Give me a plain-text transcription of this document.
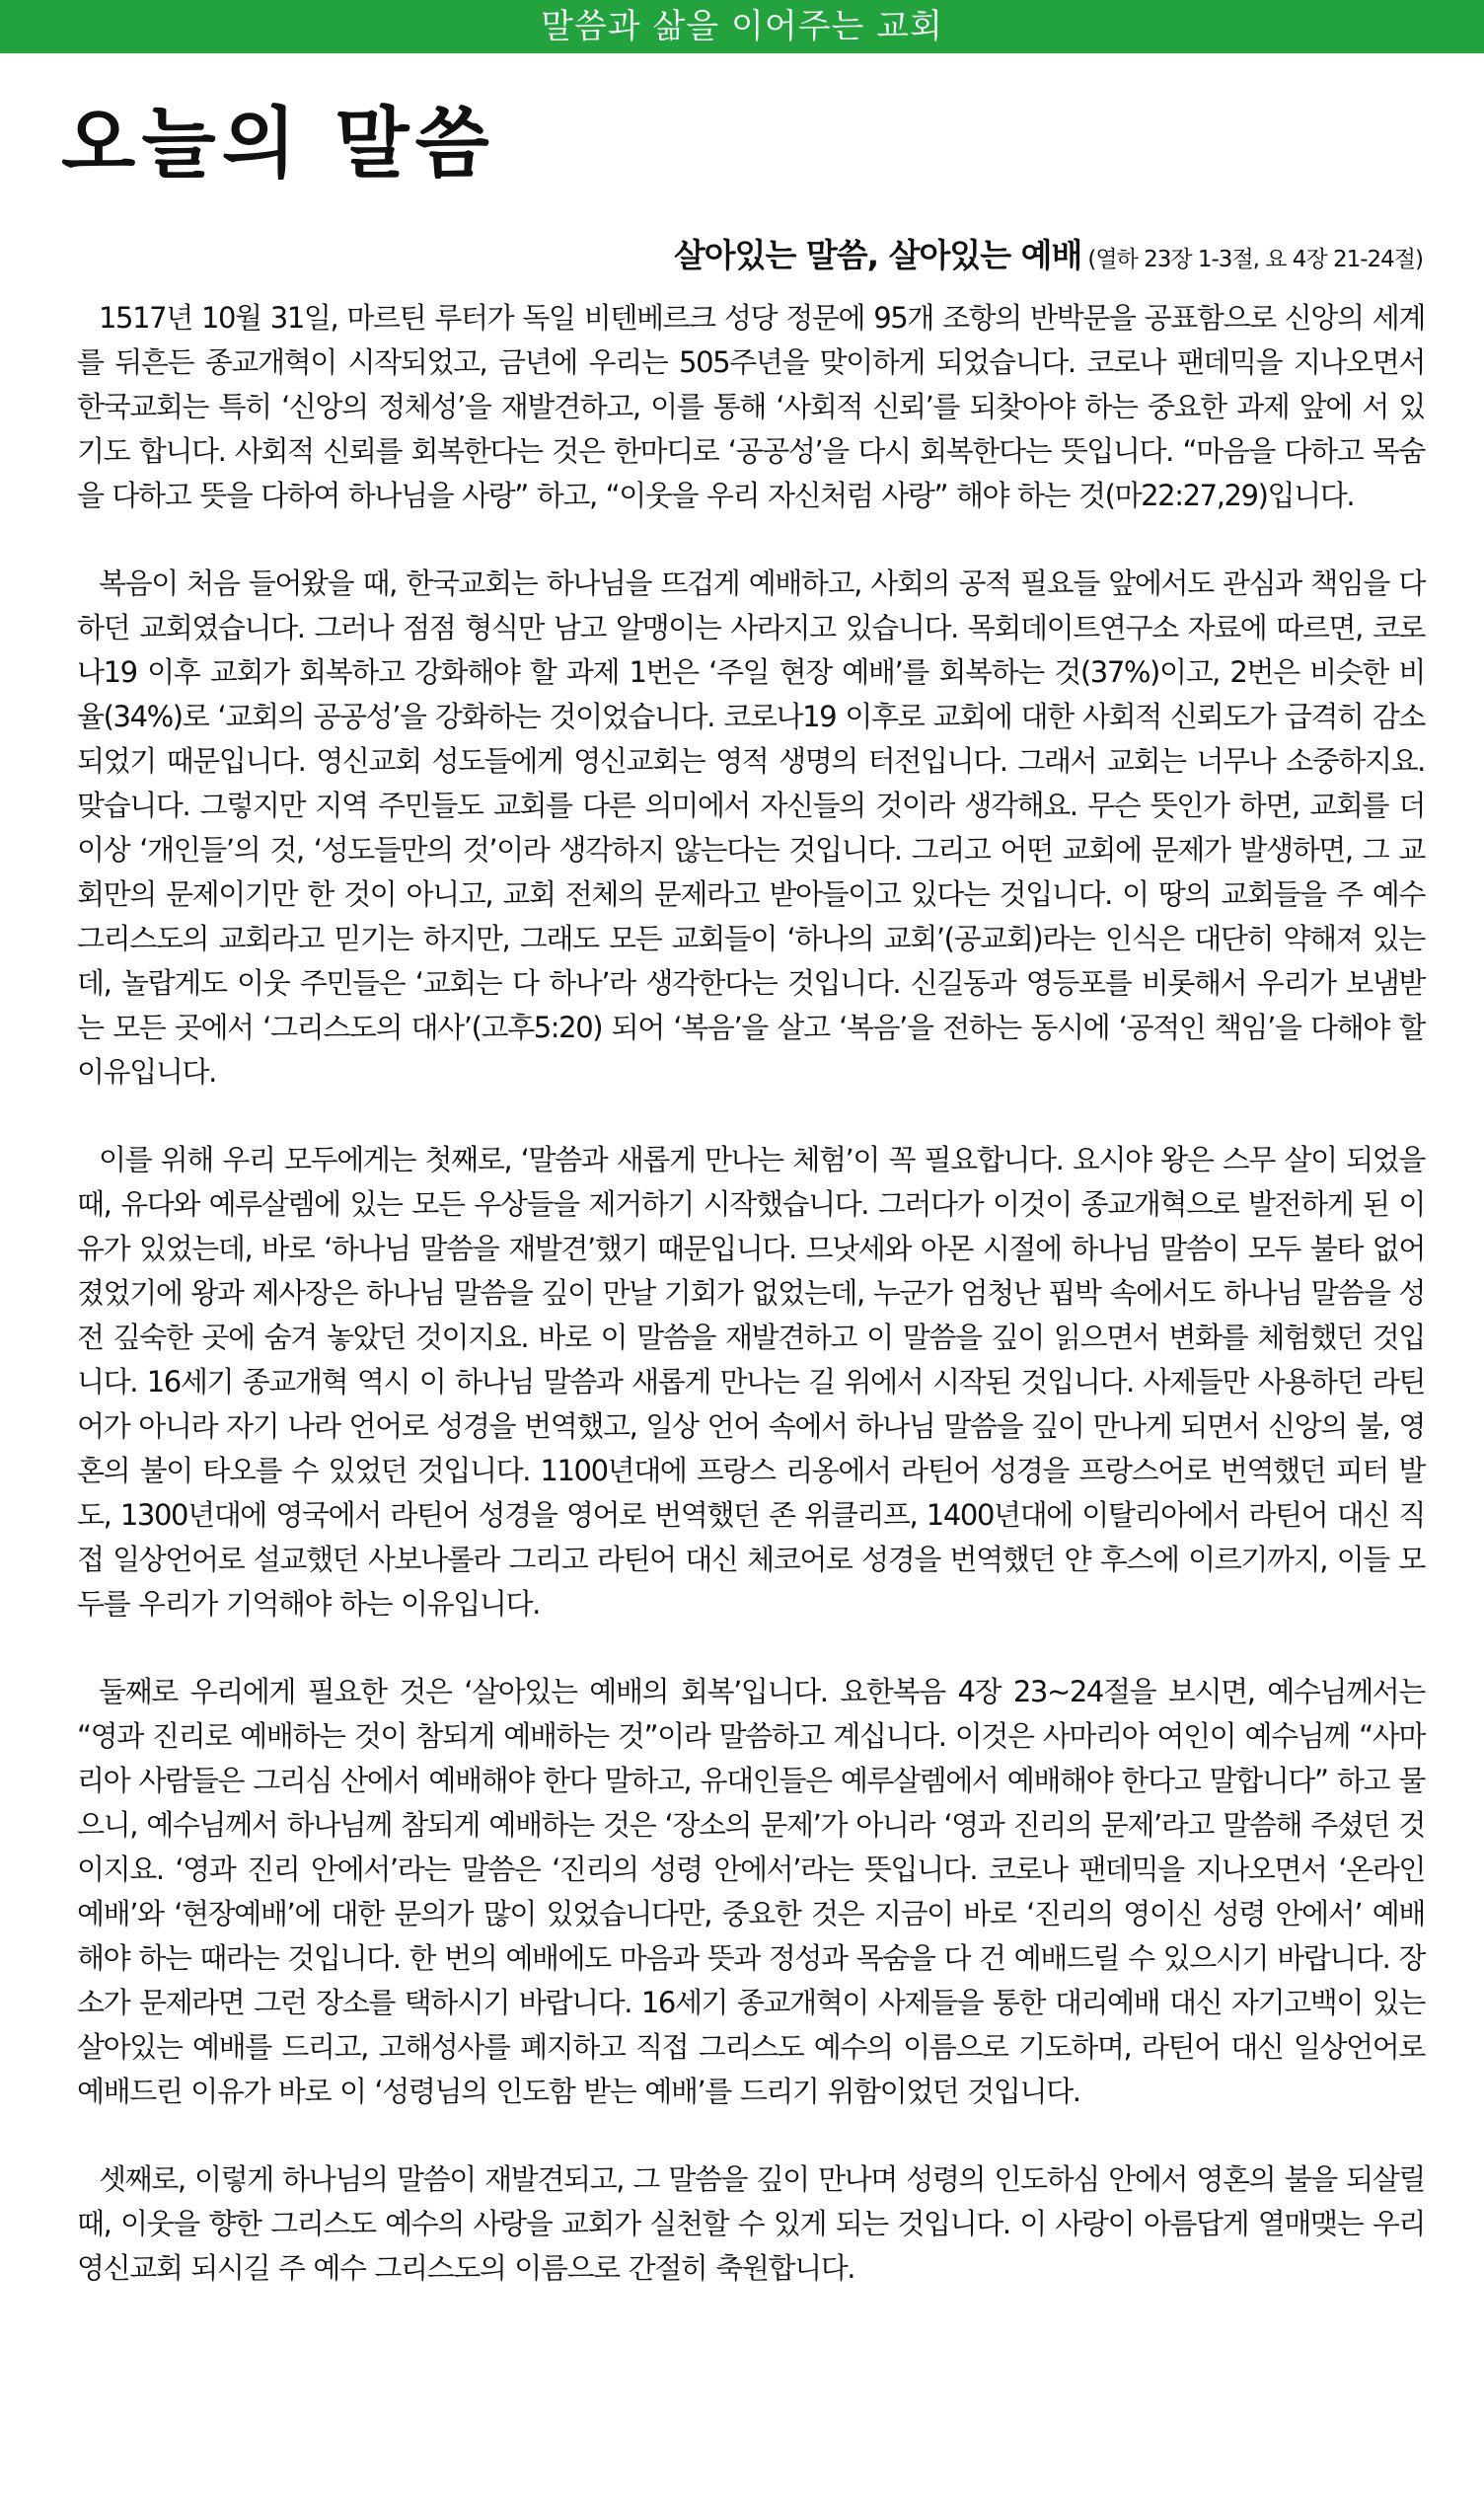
말씀과 삶을 이어주는 교회
오늘의 말씀
살아있는 말씀, 살아있는 예배 (열하 23장 1-3절, 요 4장 21-24절)

1517년 10월 31일, 마르틴 루터가 독일 비텐베르크 성당 정문에 95개 조항의 반박문을 공표함으로 신앙의 세계를 뒤흔든 종교개혁이 시작되었고, 금년에 우리는 505주년을 맞이하게 되었습니다. 코로나 팬데믹을 지나오면서 한국교회는 특히 ‘신앙의 정체성’을 재발견하고, 이를 통해 ‘사회적 신뢰’를 되찾아야 하는 중요한 과제 앞에 서 있기도 합니다. 사회적 신뢰를 회복한다는 것은 한마디로 ‘공공성’을 다시 회복한다는 뜻입니다. “마음을 다하고 목숨을 다하고 뜻을 다하여 하나님을 사랑” 하고, “이웃을 우리 자신처럼 사랑” 해야 하는 것(마22:27,29)입니다.

복음이 처음 들어왔을 때, 한국교회는 하나님을 뜨겁게 예배하고, 사회의 공적 필요들 앞에서도 관심과 책임을 다하던 교회였습니다. 그러나 점점 형식만 남고 알맹이는 사라지고 있습니다. 목회데이트연구소 자료에 따르면, 코로나19 이후 교회가 회복하고 강화해야 할 과제 1번은 ‘주일 현장 예배’를 회복하는 것(37%)이고, 2번은 비슷한 비율(34%)로 ‘교회의 공공성’을 강화하는 것이었습니다. 코로나19 이후로 교회에 대한 사회적 신뢰도가 급격히 감소되었기 때문입니다. 영신교회 성도들에게 영신교회는 영적 생명의 터전입니다. 그래서 교회는 너무나 소중하지요. 맞습니다. 그렇지만 지역 주민들도 교회를 다른 의미에서 자신들의 것이라 생각해요. 무슨 뜻인가 하면, 교회를 더 이상 ‘개인들’의 것, ‘성도들만의 것’이라 생각하지 않는다는 것입니다. 그리고 어떤 교회에 문제가 발생하면, 그 교회만의 문제이기만 한 것이 아니고, 교회 전체의 문제라고 받아들이고 있다는 것입니다. 이 땅의 교회들을 주 예수 그리스도의 교회라고 믿기는 하지만, 그래도 모든 교회들이 ‘하나의 교회’(공교회)라는 인식은 대단히 약해져 있는데, 놀랍게도 이웃 주민들은 ‘교회는 다 하나’라 생각한다는 것입니다. 신길동과 영등포를 비롯해서 우리가 보냄받는 모든 곳에서 ‘그리스도의 대사’(고후5:20) 되어 ‘복음’을 살고 ‘복음’을 전하는 동시에 ‘공적인 책임’을 다해야 할 이유입니다.

이를 위해 우리 모두에게는 첫째로, ‘말씀과 새롭게 만나는 체험’이 꼭 필요합니다. 요시야 왕은 스무 살이 되었을 때, 유다와 예루살렘에 있는 모든 우상들을 제거하기 시작했습니다. 그러다가 이것이 종교개혁으로 발전하게 된 이유가 있었는데, 바로 ‘하나님 말씀을 재발견’했기 때문입니다. 므낫세와 아몬 시절에 하나님 말씀이 모두 불타 없어졌었기에 왕과 제사장은 하나님 말씀을 깊이 만날 기회가 없었는데, 누군가 엄청난 핍박 속에서도 하나님 말씀을 성전 깊숙한 곳에 숨겨 놓았던 것이지요. 바로 이 말씀을 재발견하고 이 말씀을 깊이 읽으면서 변화를 체험했던 것입니다. 16세기 종교개혁 역시 이 하나님 말씀과 새롭게 만나는 길 위에서 시작된 것입니다. 사제들만 사용하던 라틴어가 아니라 자기 나라 언어로 성경을 번역했고, 일상 언어 속에서 하나님 말씀을 깊이 만나게 되면서 신앙의 불, 영혼의 불이 타오를 수 있었던 것입니다. 1100년대에 프랑스 리옹에서 라틴어 성경을 프랑스어로 번역했던 피터 발도, 1300년대에 영국에서 라틴어 성경을 영어로 번역했던 존 위클리프, 1400년대에 이탈리아에서 라틴어 대신 직접 일상언어로 설교했던 사보나롤라 그리고 라틴어 대신 체코어로 성경을 번역했던 얀 후스에 이르기까지, 이들 모두를 우리가 기억해야 하는 이유입니다.

둘째로 우리에게 필요한 것은 ‘살아있는 예배의 회복’입니다. 요한복음 4장 23~24절을 보시면, 예수님께서는 “영과 진리로 예배하는 것이 참되게 예배하는 것”이라 말씀하고 계십니다. 이것은 사마리아 여인이 예수님께 “사마리아 사람들은 그리심 산에서 예배해야 한다 말하고, 유대인들은 예루살렘에서 예배해야 한다고 말합니다” 하고 물으니, 예수님께서 하나님께 참되게 예배하는 것은 ‘장소의 문제’가 아니라 ‘영과 진리의 문제’라고 말씀해 주셨던 것이지요. ‘영과 진리 안에서’라는 말씀은 ‘진리의 성령 안에서’라는 뜻입니다. 코로나 팬데믹을 지나오면서 ‘온라인 예배’와 ‘현장예배’에 대한 문의가 많이 있었습니다만, 중요한 것은 지금이 바로 ‘진리의 영이신 성령 안에서’ 예배해야 하는 때라는 것입니다. 한 번의 예배에도 마음과 뜻과 정성과 목숨을 다 건 예배드릴 수 있으시기 바랍니다. 장소가 문제라면 그런 장소를 택하시기 바랍니다. 16세기 종교개혁이 사제들을 통한 대리예배 대신 자기고백이 있는 살아있는 예배를 드리고, 고해성사를 폐지하고 직접 그리스도 예수의 이름으로 기도하며, 라틴어 대신 일상언어로 예배드린 이유가 바로 이 ‘성령님의 인도함 받는 예배’를 드리기 위함이었던 것입니다.

셋째로, 이렇게 하나님의 말씀이 재발견되고, 그 말씀을 깊이 만나며 성령의 인도하심 안에서 영혼의 불을 되살릴 때, 이웃을 향한 그리스도 예수의 사랑을 교회가 실천할 수 있게 되는 것입니다. 이 사랑이 아름답게 열매맺는 우리 영신교회 되시길 주 예수 그리스도의 이름으로 간절히 축원합니다.
